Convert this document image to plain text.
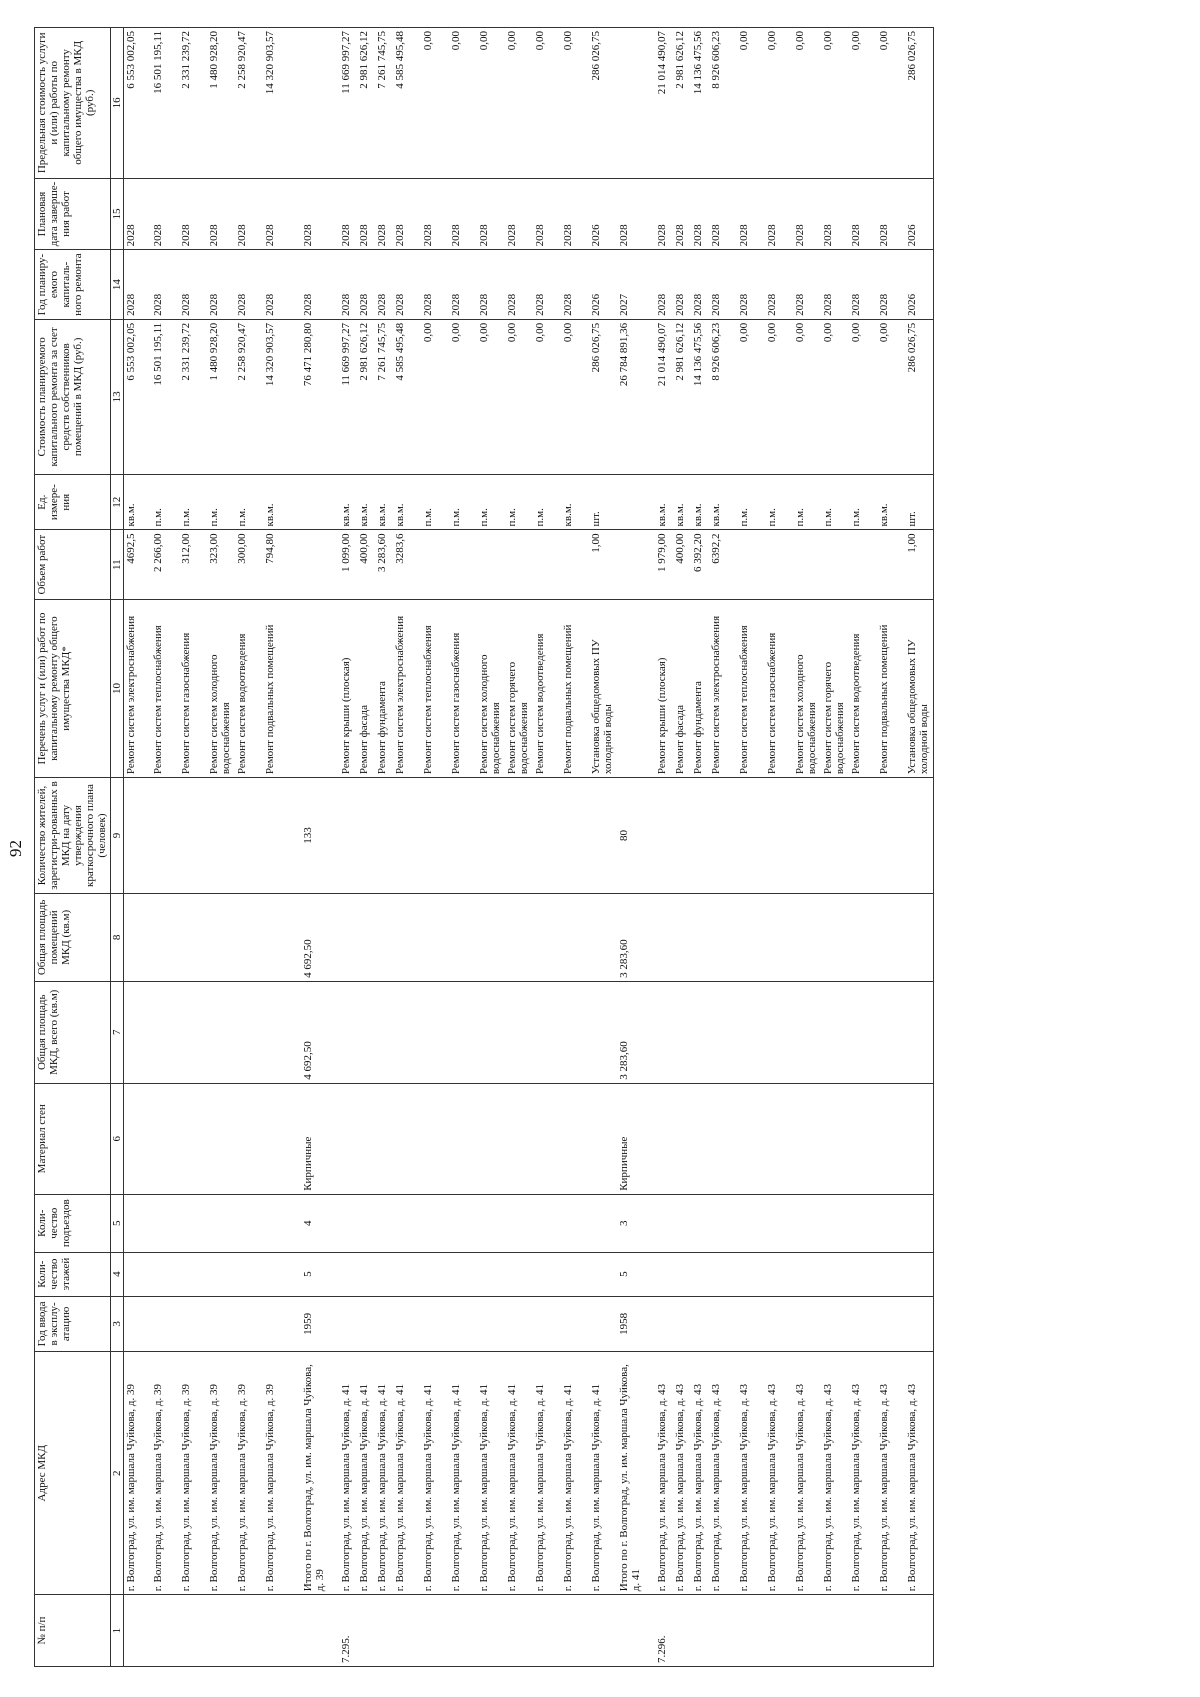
92
№ п/п	Адрес МКД	Год ввода в эксплу-атацию	Коли-чество этажей	Коли-чество подъездов	Материал стен	Общая площадь МКД, всего (кв.м)	Общая площадь помещений МКД (кв.м)	Количество жителей, зарегистри-рованных в МКД на дату утверждения краткосрочного плана (человек)	Перечень услуг и (или) работ по капитальному ремонту общего имущества МКД*	Объем работ	Ед. измере-ния	Стоимость планируемого капитального ремонта за счет средств собственников помещений в МКД (руб.)	Год планиру-емого капиталь-ного ремонта	Плановая дата заверше-ния работ	Предельная стоимость услуги и (или) работы по капитальному ремонту общего имущества в МКД (руб.)
1	2	3	4	5	6	7	8	9	10	11	12	13	14	15	16
	г. Волгоград, ул. им. маршала Чуйкова, д. 39								Ремонт систем электроснабжения	4692,5	кв.м.	6 553 002,05	2028	2028	6 553 002,05
	г. Волгоград, ул. им. маршала Чуйкова, д. 39								Ремонт систем теплоснабжения	2 266,00	п.м.	16 501 195,11	2028	2028	16 501 195,11
	г. Волгоград, ул. им. маршала Чуйкова, д. 39								Ремонт систем газоснабжения	312,00	п.м.	2 331 239,72	2028	2028	2 331 239,72
	г. Волгоград, ул. им. маршала Чуйкова, д. 39								Ремонт систем холодного водоснабжения	323,00	п.м.	1 480 928,20	2028	2028	1 480 928,20
	г. Волгоград, ул. им. маршала Чуйкова, д. 39								Ремонт систем водоотведения	300,00	п.м.	2 258 920,47	2028	2028	2 258 920,47
	г. Волгоград, ул. им. маршала Чуйкова, д. 39								Ремонт подвальных помещений	794,80	кв.м.	14 320 903,57	2028	2028	14 320 903,57
	Итого по г. Волгоград, ул. им. маршала Чуйкова, д. 39	1959	5	4	Кирпичные	4 692,50	4 692,50	133				76 471 280,80	2028	2028	
7.295.	г. Волгоград, ул. им. маршала Чуйкова, д. 41								Ремонт крыши (плоская)	1 099,00	кв.м.	11 669 997,27	2028	2028	11 669 997,27
	г. Волгоград, ул. им. маршала Чуйкова, д. 41								Ремонт фасада	400,00	кв.м.	2 981 626,12	2028	2028	2 981 626,12
	г. Волгоград, ул. им. маршала Чуйкова, д. 41								Ремонт фундамента	3 283,60	кв.м.	7 261 745,75	2028	2028	7 261 745,75
	г. Волгоград, ул. им. маршала Чуйкова, д. 41								Ремонт систем электроснабжения	3283,6	кв.м.	4 585 495,48	2028	2028	4 585 495,48
	г. Волгоград, ул. им. маршала Чуйкова, д. 41								Ремонт систем теплоснабжения		п.м.	0,00	2028	2028	0,00
	г. Волгоград, ул. им. маршала Чуйкова, д. 41								Ремонт систем газоснабжения		п.м.	0,00	2028	2028	0,00
	г. Волгоград, ул. им. маршала Чуйкова, д. 41								Ремонт систем холодного водоснабжения		п.м.	0,00	2028	2028	0,00
	г. Волгоград, ул. им. маршала Чуйкова, д. 41								Ремонт систем горячего водоснабжения		п.м.	0,00	2028	2028	0,00
	г. Волгоград, ул. им. маршала Чуйкова, д. 41								Ремонт систем водоотведения		п.м.	0,00	2028	2028	0,00
	г. Волгоград, ул. им. маршала Чуйкова, д. 41								Ремонт подвальных помещений		кв.м.	0,00	2028	2028	0,00
	г. Волгоград, ул. им. маршала Чуйкова, д. 41								Установка общедомовых ПУ холодной воды	1,00	шт.	286 026,75	2026	2026	286 026,75
	Итого по г. Волгоград, ул. им. маршала Чуйкова, д. 41	1958	5	3	Кирпичные	3 283,60	3 283,60	80				26 784 891,36	2027	2028	
7.296.	г. Волгоград, ул. им. маршала Чуйкова, д. 43								Ремонт крыши (плоская)	1 979,00	кв.м.	21 014 490,07	2028	2028	21 014 490,07
	г. Волгоград, ул. им. маршала Чуйкова, д. 43								Ремонт фасада	400,00	кв.м.	2 981 626,12	2028	2028	2 981 626,12
	г. Волгоград, ул. им. маршала Чуйкова, д. 43								Ремонт фундамента	6 392,20	кв.м.	14 136 475,56	2028	2028	14 136 475,56
	г. Волгоград, ул. им. маршала Чуйкова, д. 43								Ремонт систем электроснабжения	6392,2	кв.м.	8 926 606,23	2028	2028	8 926 606,23
	г. Волгоград, ул. им. маршала Чуйкова, д. 43								Ремонт систем теплоснабжения		п.м.	0,00	2028	2028	0,00
	г. Волгоград, ул. им. маршала Чуйкова, д. 43								Ремонт систем газоснабжения		п.м.	0,00	2028	2028	0,00
	г. Волгоград, ул. им. маршала Чуйкова, д. 43								Ремонт систем холодного водоснабжения		п.м.	0,00	2028	2028	0,00
	г. Волгоград, ул. им. маршала Чуйкова, д. 43								Ремонт систем горячего водоснабжения		п.м.	0,00	2028	2028	0,00
	г. Волгоград, ул. им. маршала Чуйкова, д. 43								Ремонт систем водоотведения		п.м.	0,00	2028	2028	0,00
	г. Волгоград, ул. им. маршала Чуйкова, д. 43								Ремонт подвальных помещений		кв.м.	0,00	2028	2028	0,00
	г. Волгоград, ул. им. маршала Чуйкова, д. 43								Установка общедомовых ПУ холодной воды	1,00	шт.	286 026,75	2026	2026	286 026,75
